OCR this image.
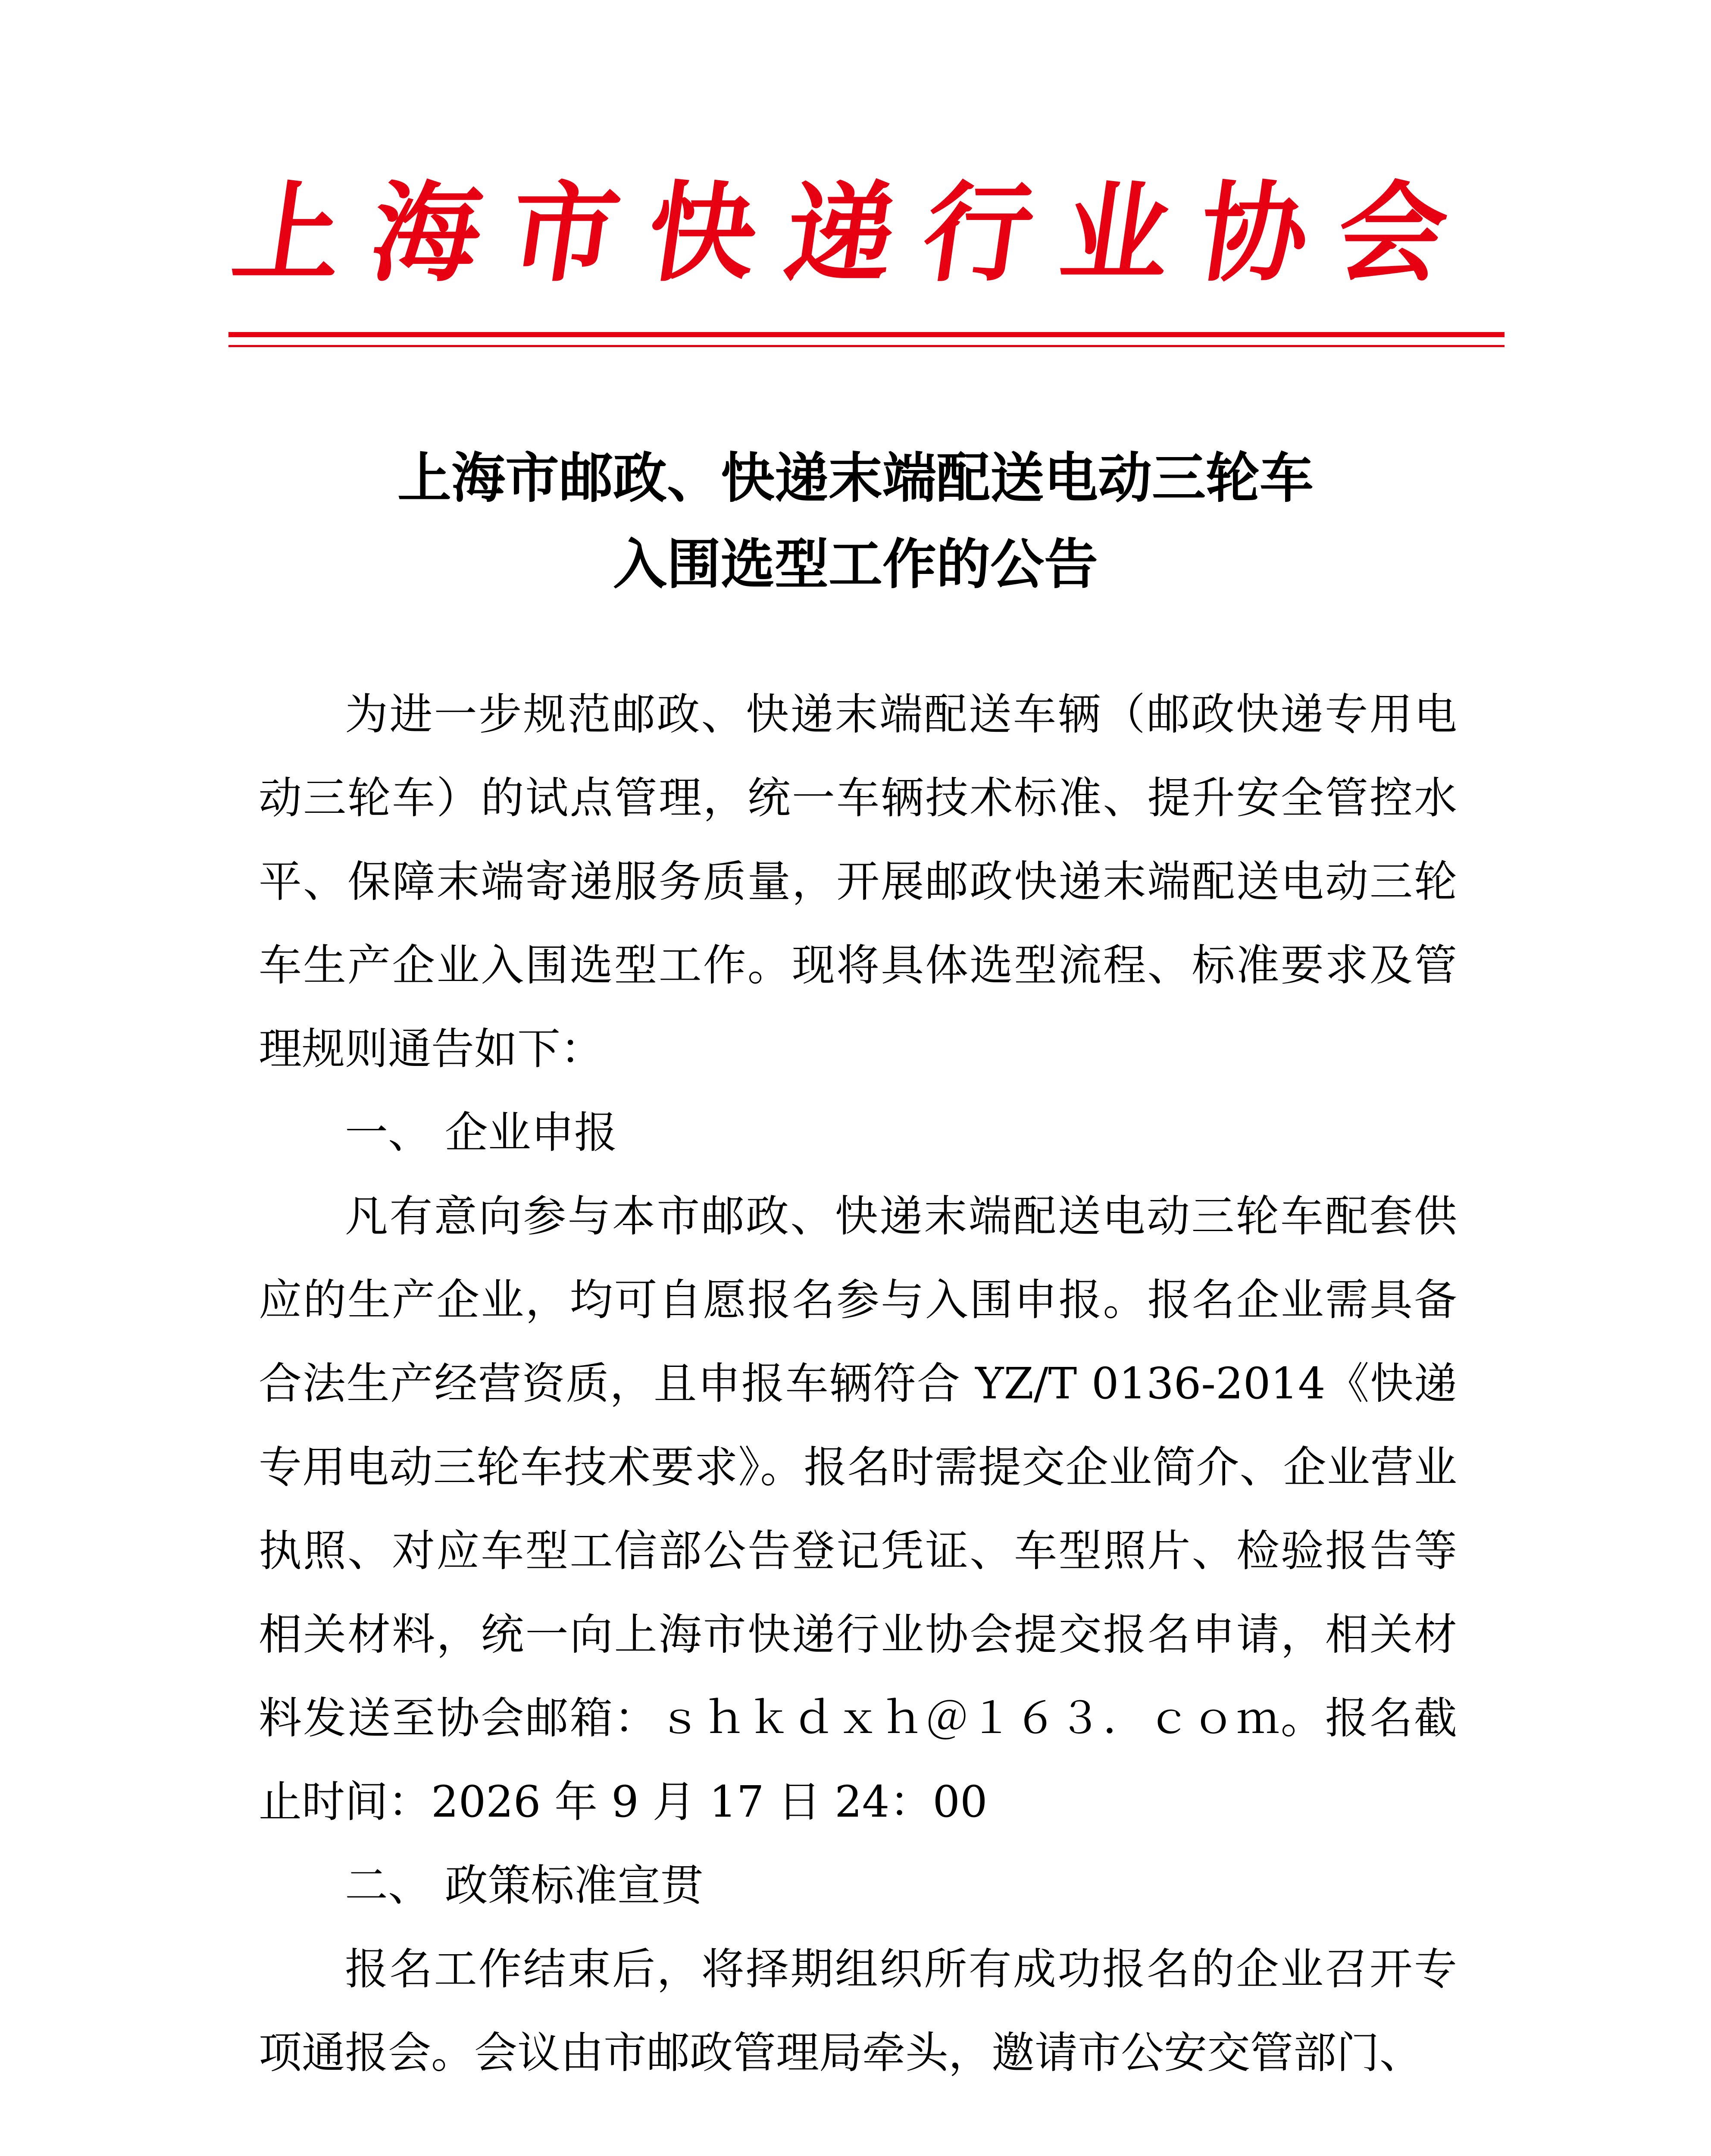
上海市快递行业协会
上海市邮政、快递末端配送电动三轮车
入围选型工作的公告

为进一步规范邮政、快递末端配送车辆（邮政快递专用电动三轮车）的试点管理，统一车辆技术标准、提升安全管控水平、保障末端寄递服务质量，开展邮政快递末端配送电动三轮车生产企业入围选型工作。现将具体选型流程、标准要求及管理规则通告如下：

一、 企业申报

凡有意向参与本市邮政、快递末端配送电动三轮车配套供应的生产企业，均可自愿报名参与入围申报。报名企业需具备合法生产经营资质，且申报车辆符合 YZ/T 0136-2014《快递专用电动三轮车技术要求》。报名时需提交企业简介、企业营业执照、对应车型工信部公告登记凭证、车型照片、检验报告等相关材料，统一向上海市快递行业协会提交报名申请，相关材料发送至协会邮箱：ｓｈｋｄｘｈ＠１６３．ｃｏｍ。报名截止时间：2026 年 9 月 17 日 24：00

二、 政策标准宣贯

报名工作结束后，将择期组织所有成功报名的企业召开专项通报会。会议由市邮政管理局牵头，邀请市公安交管部门、
